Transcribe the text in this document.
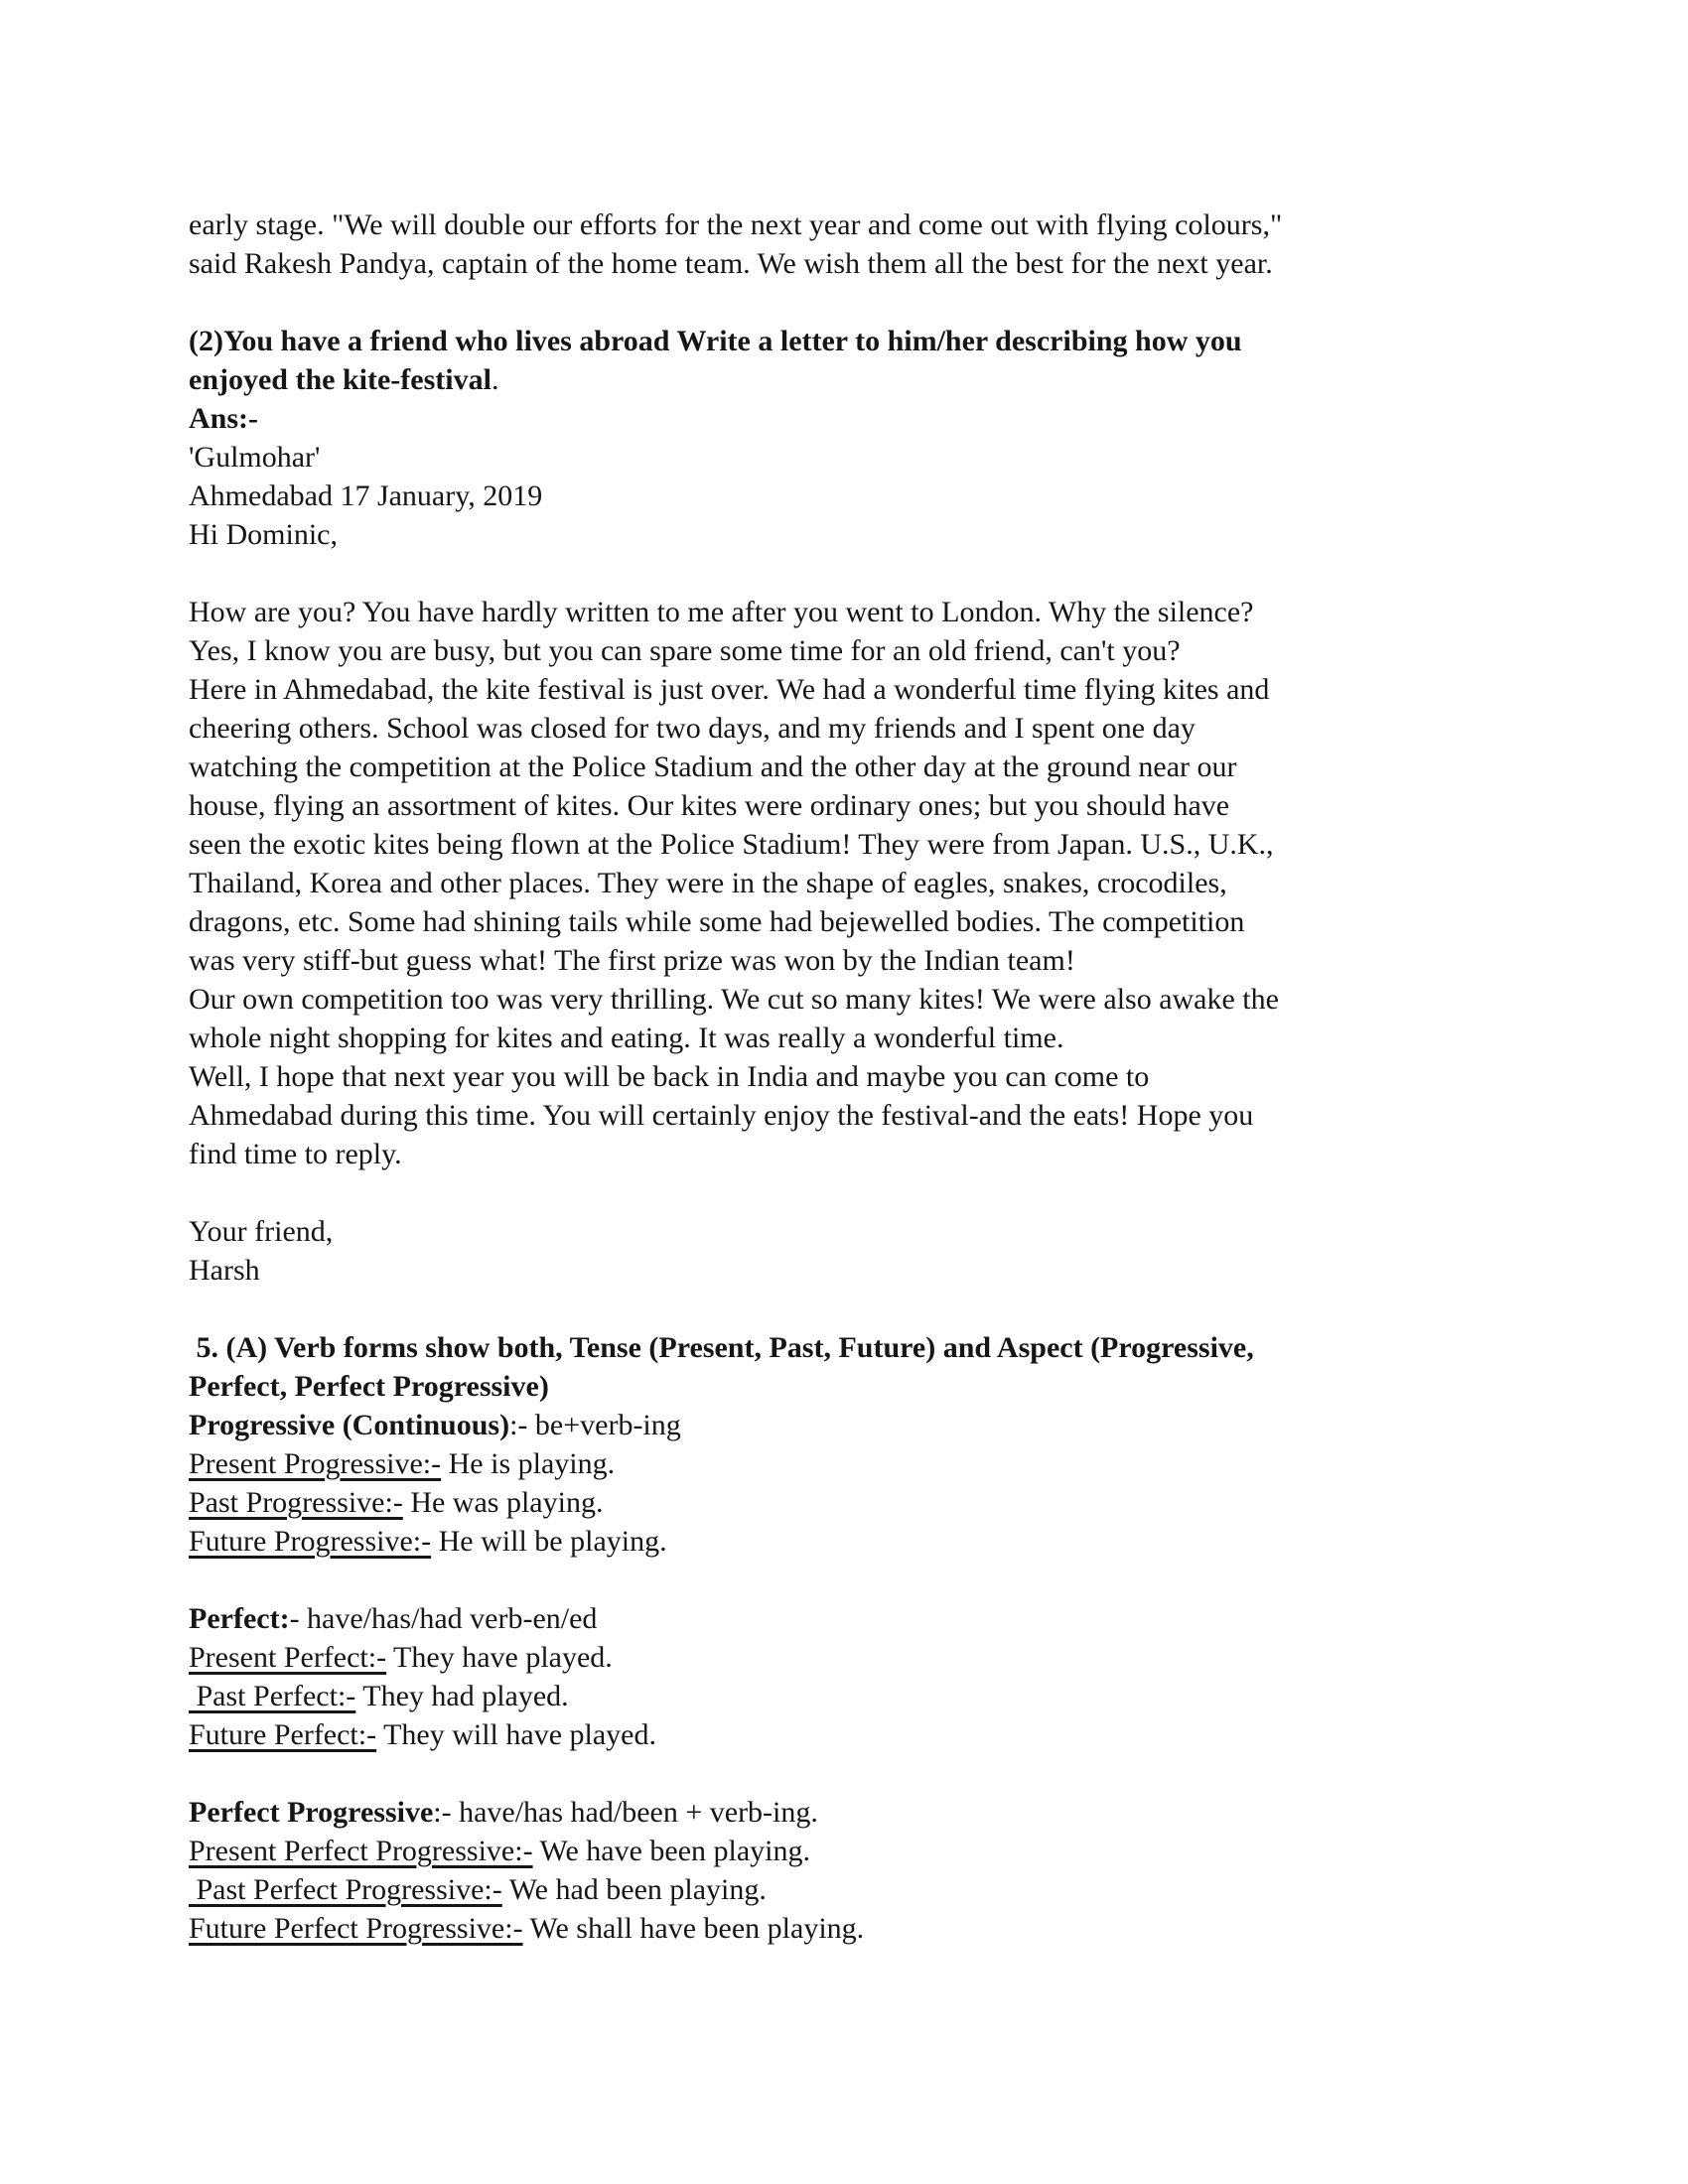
early stage. "We will double our efforts for the next year and come out with flying colours,"
said Rakesh Pandya, captain of the home team. We wish them all the best for the next year.
(2)You have a friend who lives abroad Write a letter to him/her describing how you
enjoyed the kite-festival.
Ans:-
'Gulmohar'
Ahmedabad 17 January, 2019
Hi Dominic,
How are you? You have hardly written to me after you went to London. Why the silence?
Yes, I know you are busy, but you can spare some time for an old friend, can't you?
Here in Ahmedabad, the kite festival is just over. We had a wonderful time flying kites and
cheering others. School was closed for two days, and my friends and I spent one day
watching the competition at the Police Stadium and the other day at the ground near our
house, flying an assortment of kites. Our kites were ordinary ones; but you should have
seen the exotic kites being flown at the Police Stadium! They were from Japan. U.S., U.K.,
Thailand, Korea and other places. They were in the shape of eagles, snakes, crocodiles,
dragons, etc. Some had shining tails while some had bejewelled bodies. The competition
was very stiff-but guess what! The first prize was won by the Indian team!
Our own competition too was very thrilling. We cut so many kites! We were also awake the
whole night shopping for kites and eating. It was really a wonderful time.
Well, I hope that next year you will be back in India and maybe you can come to
Ahmedabad during this time. You will certainly enjoy the festival-and the eats! Hope you
find time to reply.
Your friend,
Harsh
5. (A) Verb forms show both, Tense (Present, Past, Future) and Aspect (Progressive,
Perfect, Perfect Progressive)
Progressive (Continuous):- be+verb-ing
Present Progressive:- He is playing.
Past Progressive:- He was playing.
Future Progressive:- He will be playing.
Perfect:- have/has/had verb-en/ed
Present Perfect:- They have played.
Past Perfect:- They had played.
Future Perfect:- They will have played.
Perfect Progressive:- have/has had/been + verb-ing.
Present Perfect Progressive:- We have been playing.
Past Perfect Progressive:- We had been playing.
Future Perfect Progressive:- We shall have been playing.
